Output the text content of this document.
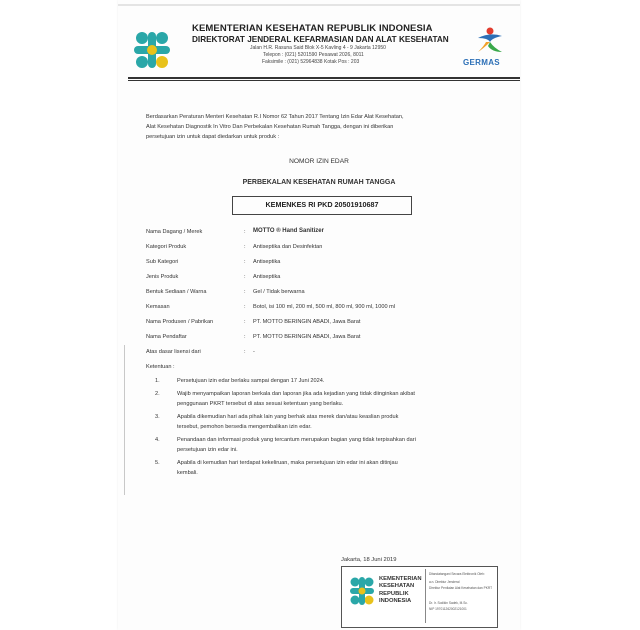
KEMENTERIAN KESEHATAN REPUBLIK INDONESIA
DIREKTORAT JENDERAL KEFARMASIAN DAN ALAT KESEHATAN
Jalan H.R. Rasuna Said Blok X-5 Kavling 4 - 9 Jakarta 12950
Telepon : (021) 5201590 Pesawat 2026, 8011
Faksimile : (021) 52964838 Kotak Pos : 203	GERMAS
Berdasarkan Peraturan Menteri Kesehatan R.I Nomor 62 Tahun 2017 Tentang Izin Edar Alat Kesehatan,
Alat Kesehatan Diagnostik In Vitro Dan Perbekalan Kesehatan Rumah Tangga, dengan ini diberikan
persetujuan izin untuk dapat diedarkan untuk produk :
NOMOR IZIN EDAR
PERBEKALAN KESEHATAN RUMAH TANGGA
KEMENKES RI PKD 20501910687
Nama Dagang / Merek	: MOTTO ® Hand Sanitizer
Kategori Produk	: Antiseptika dan Desinfektan
Sub Kategori	: Antiseptika
Jenis Produk	: Antiseptika
Bentuk Sediaan / Warna	: Gel / Tidak berwarna
Kemasan	: Botol, isi 100 ml, 200 ml, 500 ml, 800 ml, 900 ml, 1000 ml
Nama Produsen / Pabrikan	: PT. MOTTO BERINGIN ABADI, Jawa Barat
Nama Pendaftar	: PT. MOTTO BERINGIN ABADI, Jawa Barat
Atas dasar lisensi dari	: -
Ketentuan :
1.	Persetujuan izin edar berlaku sampai dengan 17 Juni 2024.
2.	Wajib menyampaikan laporan berkala dan laporan jika ada kejadian yang tidak diinginkan akibat
penggunaan PKRT tersebut di atas sesuai ketentuan yang berlaku.
3.	Apabila dikemudian hari ada pihak lain yang berhak atas merek dan/atau keaslian produk
tersebut, pemohon bersedia mengembalikan izin edar.
4.	Penandaan dan informasi produk yang tercantum merupakan bagian yang tidak terpisahkan dari
persetujuan izin edar ini.
5.	Apabila di kemudian hari terdapat kekeliruan, maka persetujuan izin edar ini akan ditinjau
kembali.
Jakarta, 18 Juni 2019
KEMENTERIAN
KESEHATAN
REPUBLIK
INDONESIA
Ditandatangani Secara Elektronik Oleh:
a.n. Direktur Jenderal
Direktur Penilaian Alat Kesehatan dan PKRT
Dr. Ir. Sodikin Sadek, M.Sc.
NIP 197011262002121001
